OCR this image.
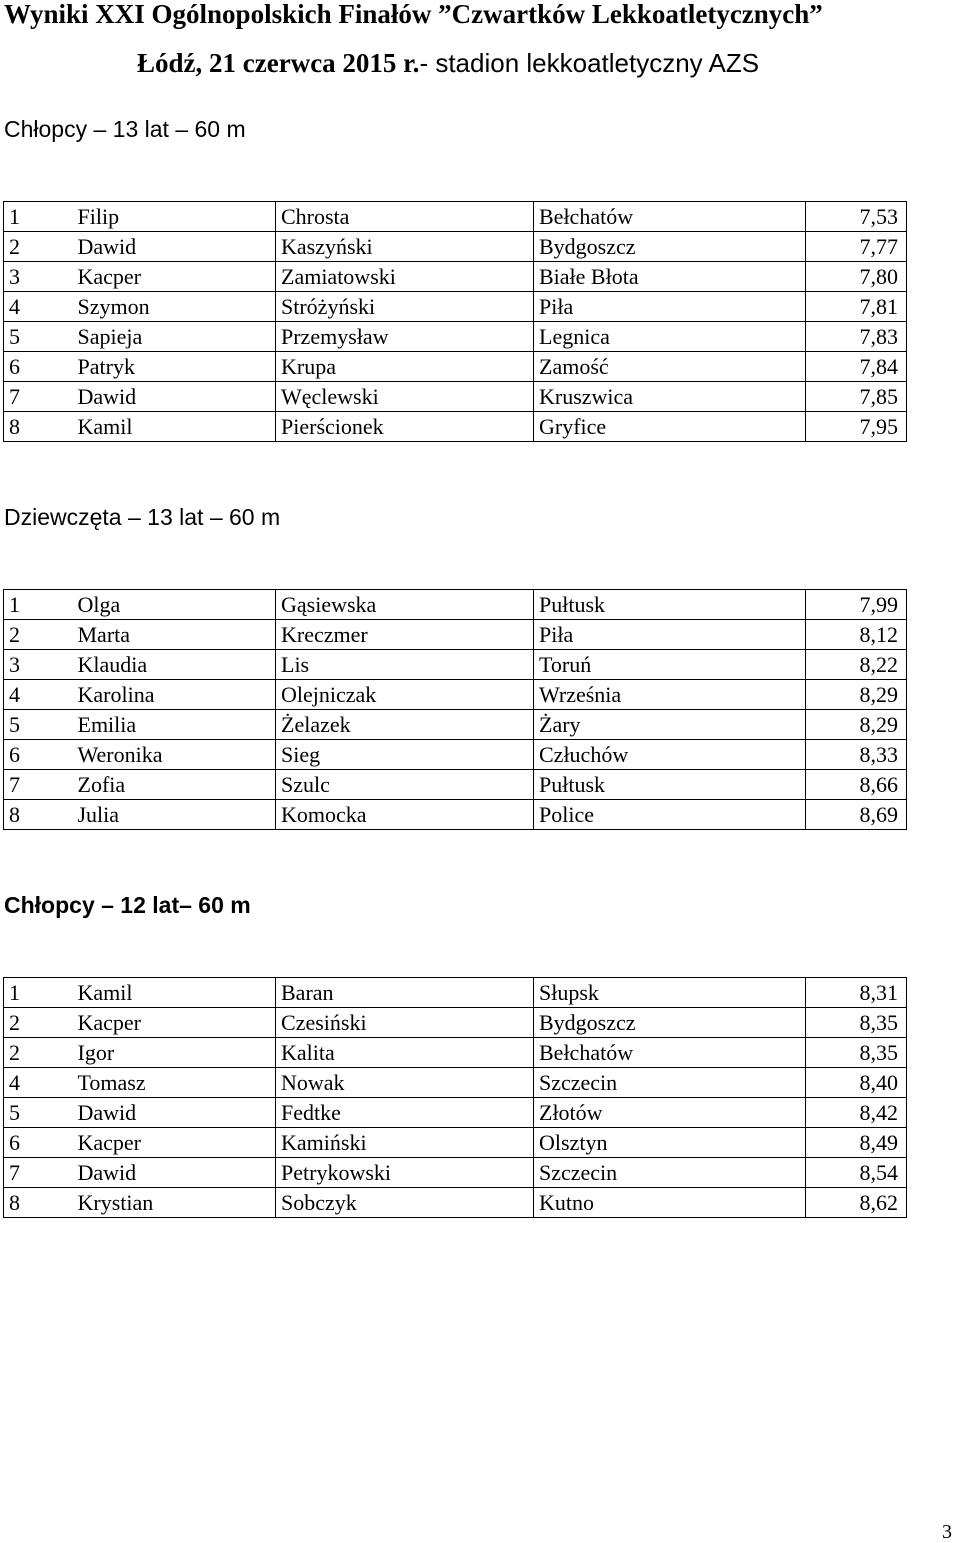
Wyniki XXI Ogólnopolskich Finałów ”Czwartków Lekkoatletycznych”

Łódź, 21 czerwca 2015 r.- stadion lekkoatletyczny AZS

Chłopcy – 13 lat – 60 m
1	Filip	Chrosta	Bełchatów	7,53
2	Dawid	Kaszyński	Bydgoszcz	7,77
3	Kacper	Zamiatowski	Białe Błota	7,80
4	Szymon	Stróżyński	Piła	7,81
5	Sapieja	Przemysław	Legnica	7,83
6	Patryk	Krupa	Zamość	7,84
7	Dawid	Węclewski	Kruszwica	7,85
8	Kamil	Pierścionek	Gryfice	7,95
Dziewczęta – 13 lat – 60 m
1	Olga	Gąsiewska	Pułtusk	7,99
2	Marta	Kreczmer	Piła	8,12
3	Klaudia	Lis	Toruń	8,22
4	Karolina	Olejniczak	Września	8,29
5	Emilia	Żelazek	Żary	8,29
6	Weronika	Sieg	Człuchów	8,33
7	Zofia	Szulc	Pułtusk	8,66
8	Julia	Komocka	Police	8,69
Chłopcy – 12 lat– 60 m
1	Kamil	Baran	Słupsk	8,31
2	Kacper	Czesiński	Bydgoszcz	8,35
2	Igor	Kalita	Bełchatów	8,35
4	Tomasz	Nowak	Szczecin	8,40
5	Dawid	Fedtke	Złotów	8,42
6	Kacper	Kamiński	Olsztyn	8,49
7	Dawid	Petrykowski	Szczecin	8,54
8	Krystian	Sobczyk	Kutno	8,62
3
